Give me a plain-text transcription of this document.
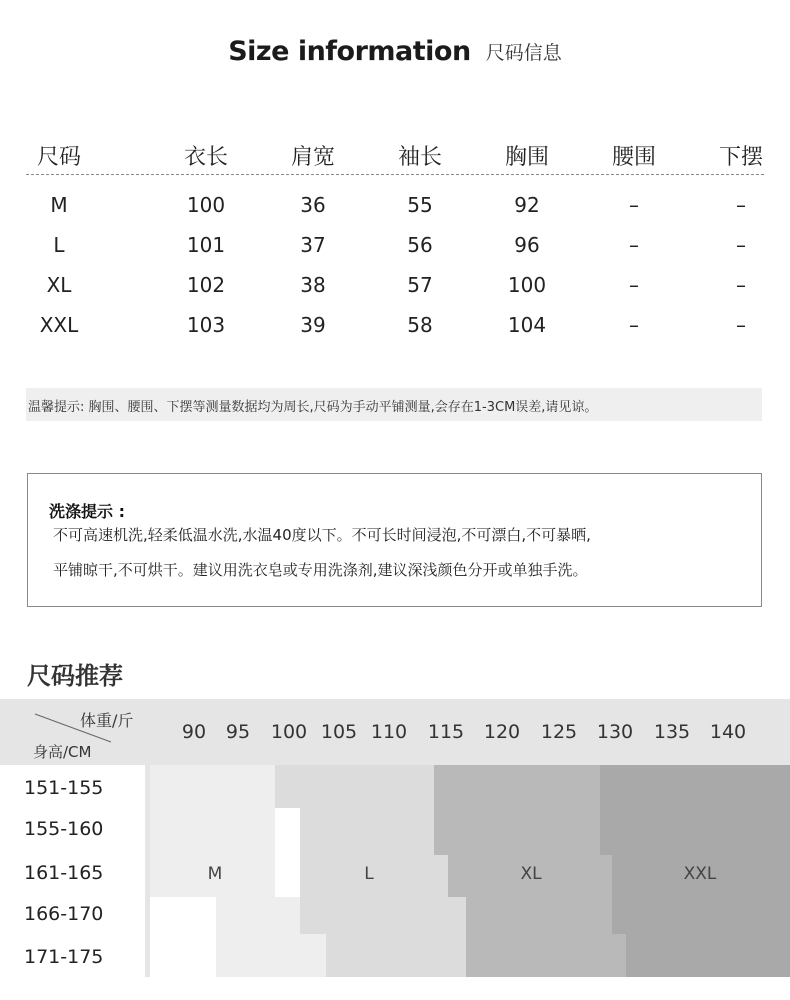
Size information 尺码信息
尺码	衣长	肩宽	袖长	胸围	腰围	下摆
M	100	36	55	92	–	–
L	101	37	56	96	–	–
XL	102	38	57	100	–	–
XXL	103	39	58	104	–	–
温馨提示: 胸围、腰围、下摆等测量数据均为周长,尺码为手动平铺测量,会存在1-3CM误差,请见谅。
洗涤提示 :
不可高速机洗,轻柔低温水洗,水温40度以下。不可长时间浸泡,不可漂白,不可暴晒,
平铺晾干,不可烘干。建议用洗衣皂或专用洗涤剂,建议深浅颜色分开或单独手洗。
尺码推荐
体重/斤
身高/CM
90	95	100 105 110	115	120	125	130	135	140
151-155
155-160
161-165
166-170
171-175
M	L	XL	XXL
